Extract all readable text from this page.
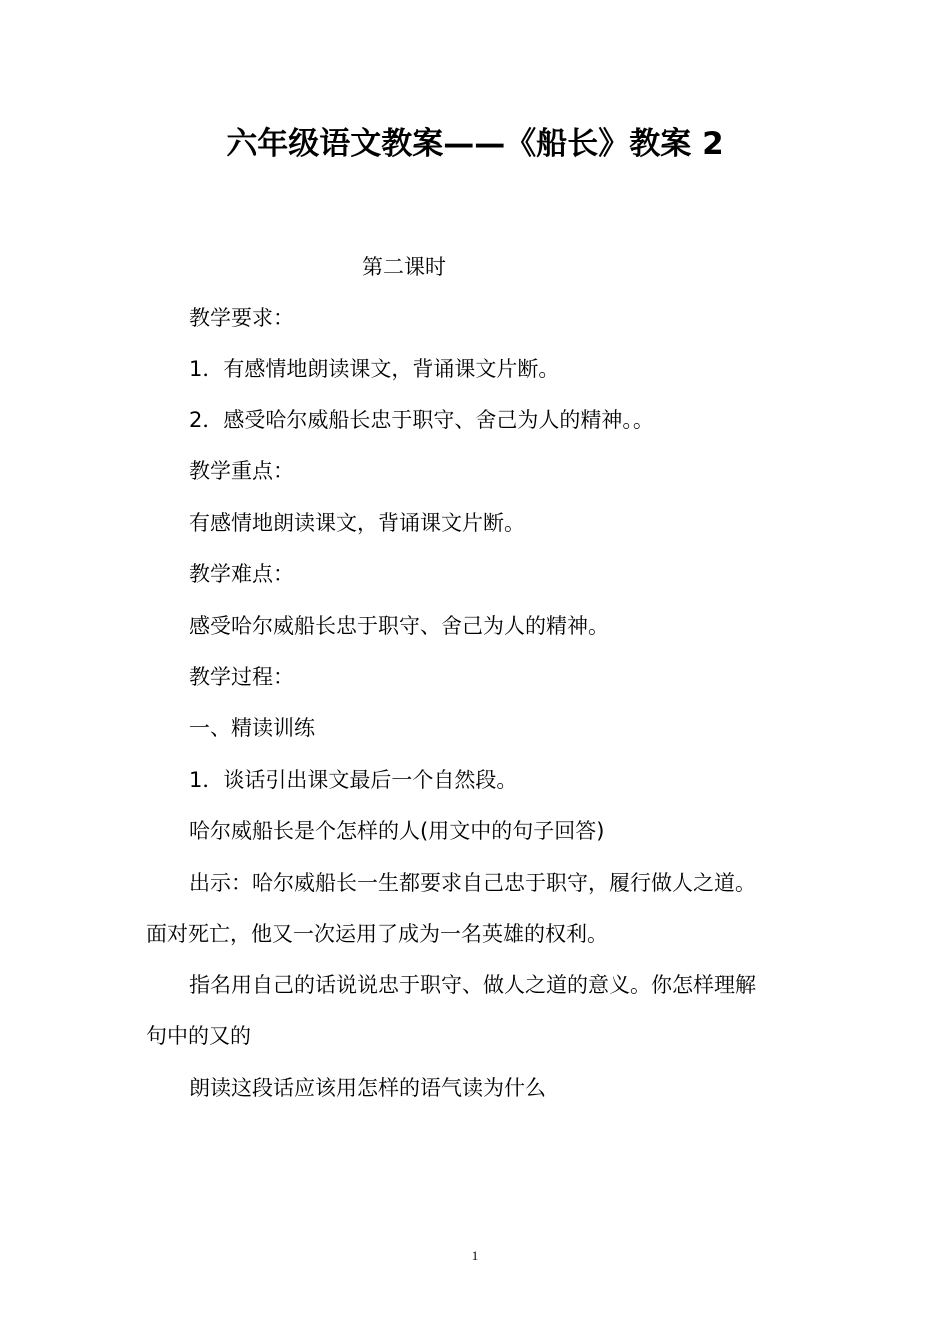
六年级语文教案——《船长》教案 2
第二课时
教学要求：
1．有感情地朗读课文，背诵课文片断。
2．感受哈尔威船长忠于职守、舍己为人的精神。。
教学重点：
有感情地朗读课文，背诵课文片断。
教学难点：
感受哈尔威船长忠于职守、舍己为人的精神。
教学过程：
一、精读训练
1．谈话引出课文最后一个自然段。
哈尔威船长是个怎样的人(用文中的句子回答)
出示：哈尔威船长一生都要求自己忠于职守，履行做人之道。
面对死亡，他又一次运用了成为一名英雄的权利。
指名用自己的话说说忠于职守、做人之道的意义。你怎样理解
句中的又的
朗读这段话应该用怎样的语气读为什么
1
